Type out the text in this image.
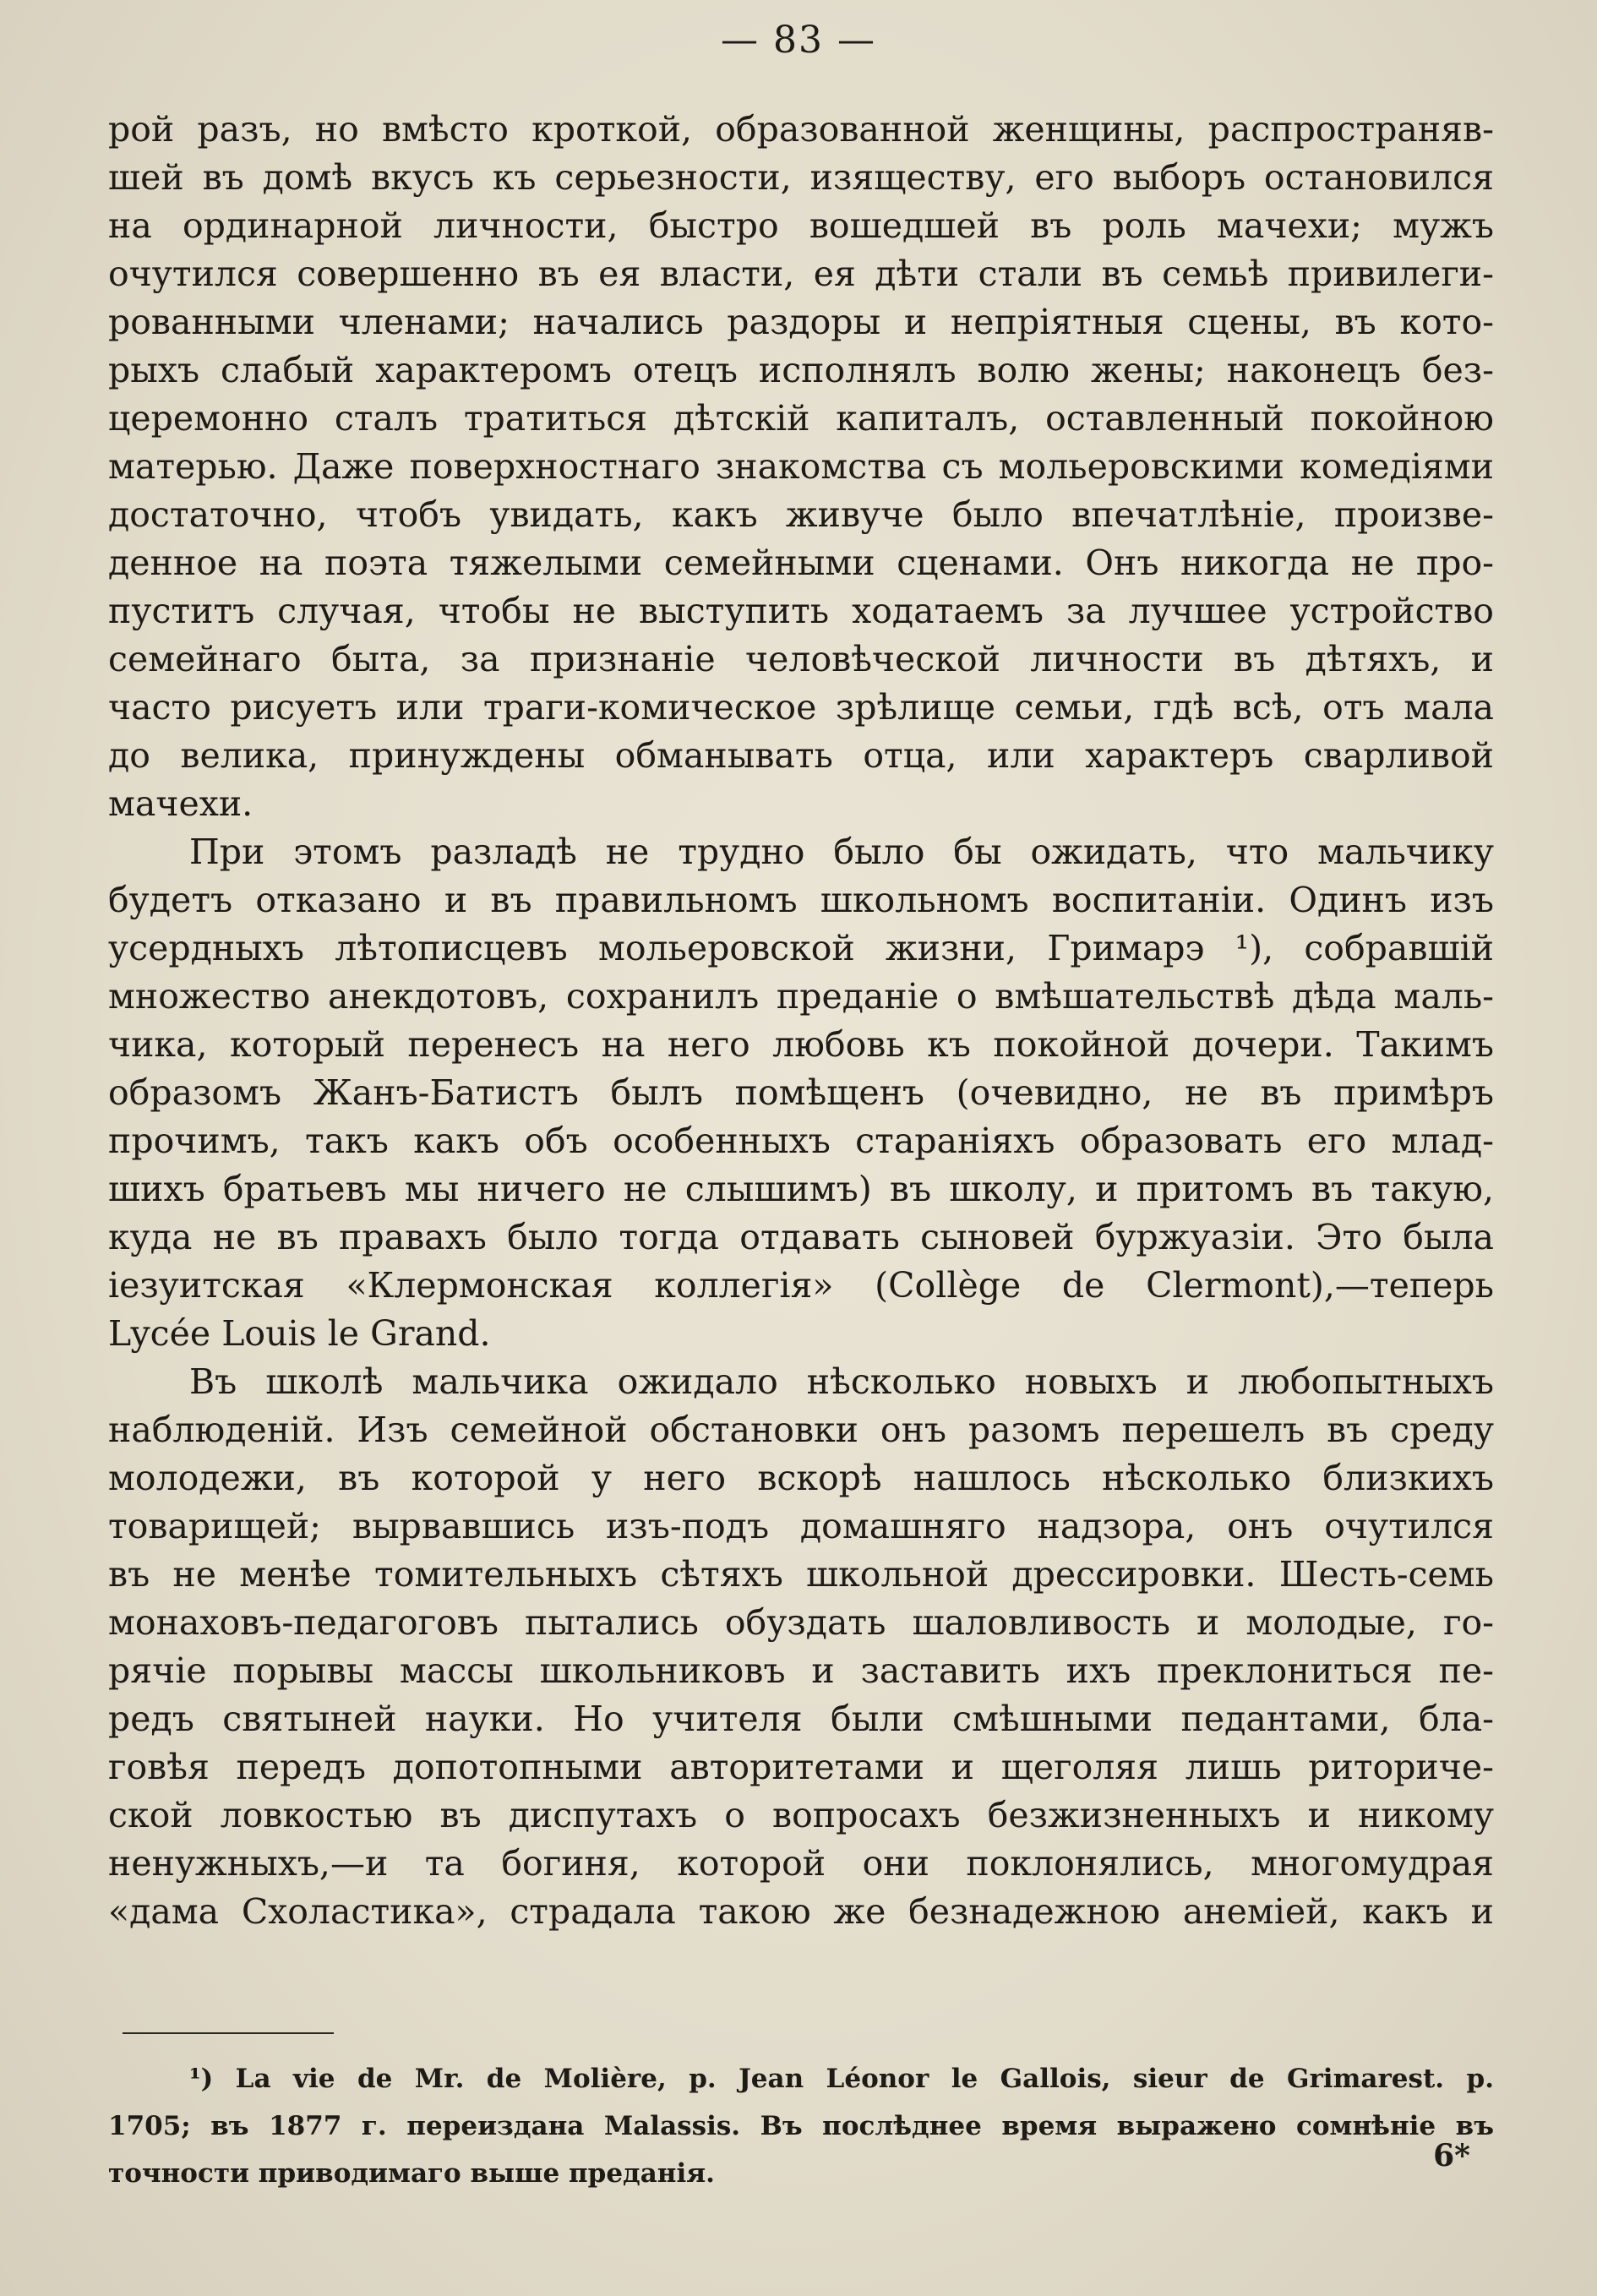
— 83 —
рой разъ, но вмѣсто кроткой, образованной женщины, распространяв-
шей въ домѣ вкусъ къ серьезности, изяществу, его выборъ остановился
на ординарной личности, быстро вошедшей въ роль мачехи; мужъ
очутился совершенно въ ея власти, ея дѣти стали въ семьѣ привилеги-
рованными членами; начались раздоры и непріятныя сцены, въ кото-
рыхъ слабый характеромъ отецъ исполнялъ волю жены; наконецъ без-
церемонно сталъ тратиться дѣтскій капиталъ, оставленный покойною
матерью. Даже поверхностнаго знакомства съ мольеровскими комедіями
достаточно, чтобъ увидать, какъ живуче было впечатлѣніе, произве-
денное на поэта тяжелыми семейными сценами. Онъ никогда не про-
пуститъ случая, чтобы не выступить ходатаемъ за лучшее устройство
семейнаго быта, за признаніе человѣческой личности въ дѣтяхъ, и
часто рисуетъ или траги-комическое зрѣлище семьи, гдѣ всѣ, отъ мала
до велика, принуждены обманывать отца, или характеръ сварливой
мачехи.
При этомъ разладѣ не трудно было бы ожидать, что мальчику
будетъ отказано и въ правильномъ школьномъ воспитаніи. Одинъ изъ
усердныхъ лѣтописцевъ мольеровской жизни, Гримарэ ¹), собравшій
множество анекдотовъ, сохранилъ преданіе о вмѣшательствѣ дѣда маль-
чика, который перенесъ на него любовь къ покойной дочери. Такимъ
образомъ Жанъ-Батистъ былъ помѣщенъ (очевидно, не въ примѣръ
прочимъ, такъ какъ объ особенныхъ стараніяхъ образовать его млад-
шихъ братьевъ мы ничего не слышимъ) въ школу, и притомъ въ такую,
куда не въ правахъ было тогда отдавать сыновей буржуазіи. Это была
іезуитская «Клермонская коллегія» (Collège de Clermont),—теперь
Lycée Louis le Grand.
Въ школѣ мальчика ожидало нѣсколько новыхъ и любопытныхъ
наблюденій. Изъ семейной обстановки онъ разомъ перешелъ въ среду
молодежи, въ которой у него вскорѣ нашлось нѣсколько близкихъ
товарищей; вырвавшись изъ-подъ домашняго надзора, онъ очутился
въ не менѣе томительныхъ сѣтяхъ школьной дрессировки. Шесть-семь
монаховъ-педагоговъ пытались обуздать шаловливость и молодые, го-
рячіе порывы массы школьниковъ и заставить ихъ преклониться пе-
редъ святыней науки. Но учителя были смѣшными педантами, бла-
говѣя передъ допотопными авторитетами и щеголяя лишь риториче-
ской ловкостью въ диспутахъ о вопросахъ безжизненныхъ и никому
ненужныхъ,—и та богиня, которой они поклонялись, многомудрая
«дама Схоластика», страдала такою же безнадежною анеміей, какъ и
¹) La vie de Mr. de Molière, p. Jean Léonor le Gallois, sieur de Grimarest. p.
1705; въ 1877 г. переиздана Malassis. Въ послѣднее время выражено сомнѣніе въ
точности приводимаго выше преданія.	6*
